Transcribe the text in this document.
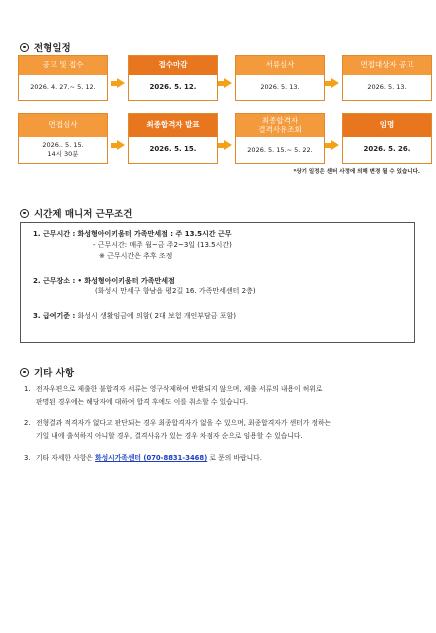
전형일정
공고 및 접수
2026. 4. 27.~ 5. 12.
접수마감
2026. 5. 12.
서류심사
2026. 5. 13.
면접대상자 공고
2026. 5. 13.
면접심사
2026.. 5. 15.
14시 30분
최종합격자 발표
2026. 5. 15.
최종합격자
결격사유조회
2026. 5. 15.~ 5. 22.
임명
2026. 5. 26.
*상기 일정은 센터 사정에 의해 변경 될 수 있습니다.
시간제 매니저 근무조건
1. 근무시간 : 화성형아이키움터 가족만세점 : 주 13.5시간 근무
- 근무시간: 매주 월~금 주2~3일 (13.5시간)
※ 근무시간은 추후 조정
2. 근무장소 : • 화성형아이키움터 가족만세점
(화성시 만세구 향남읍 평2길 16. 가족만세센터 2층)
3. 급여기준 : 화성시 생활임금에 의함( 2대 보험 개인부담금 포함)
기타 사항
1. 전자우편으로 제출한 불합격자 서류는 영구삭제하여 반환되지 않으며, 제출 서류의 내용이 허위로
판명된 경우에는 해당자에 대하여 합격 후에도 이를 취소할 수 있습니다.
2. 전형결과 적격자가 없다고 판단되는 경우 최종합격자가 없을 수 있으며, 최종합격자가 센터가 정하는
기일 내에 출석하지 아니할 경우, 결격사유가 있는 경우 차점자 순으로 임용할 수 있습니다.
3. 기타 자세한 사항은 화성시가족센터 (070-8831-3468) 로 문의 바랍니다.
